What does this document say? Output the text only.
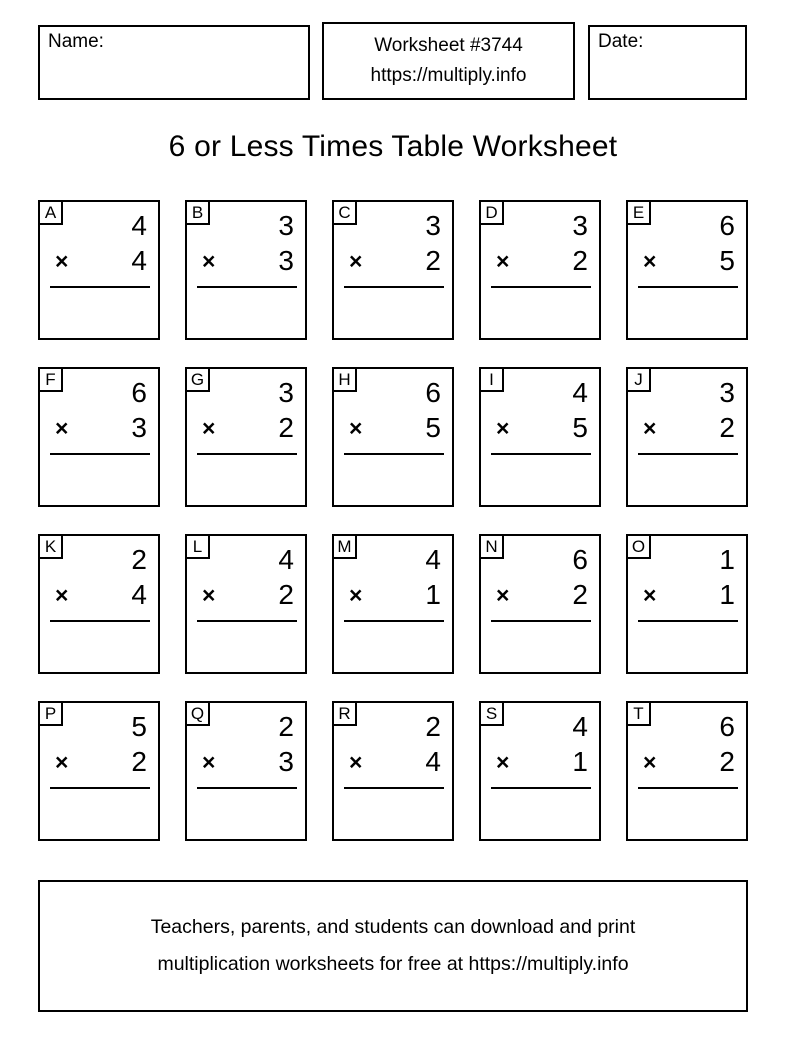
Name:	Worksheet #3744
https://multiply.info
Date:
6 or Less Times Table Worksheet
A	4
× 4
B	3
× 3
C	3
× 2
D	3
× 2
E	6
× 5
F	6
× 3
G	3
× 2
H	6
× 5
I	4
× 5
J	3
× 2
K	2
× 4
L	4
× 2
M	4
× 1
N	6
× 2
O	1
× 1
P	5
× 2
Q	2
× 3
R	2
× 4
S	4
× 1
T	6
× 2
Teachers, parents, and students can download and print
multiplication worksheets for free at https://multiply.info
